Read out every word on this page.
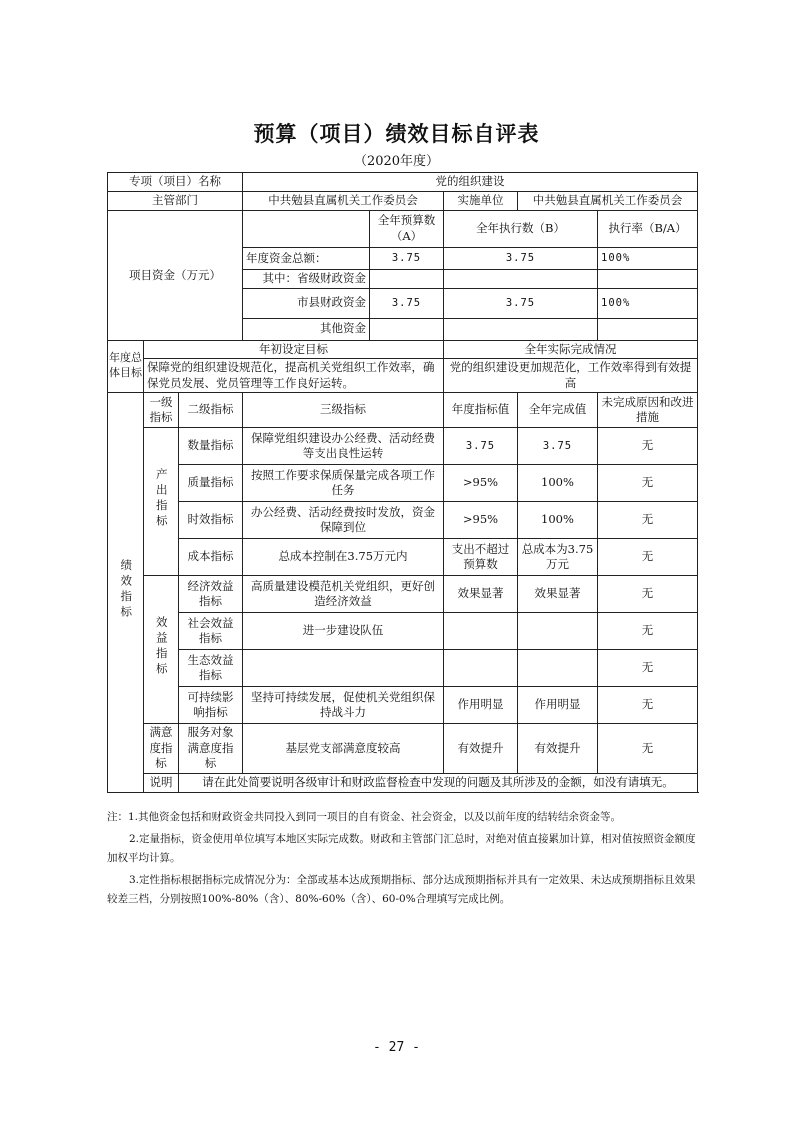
预算（项目）绩效目标自评表
（2020年度）
专项（项目）名称			党的组织建设				
主管部门			中共勉县直属机关工作委员会		实施单位	中共勉县直属机关工作委员会	
项目资金（万元）				全年预算数（A）	全年执行数（B）		执行率（B/A）
			年度资金总额：	3.75	3.75		100%
			其中：省级财政资金				
			市县财政资金	3.75	3.75		100%
			其他资金				
年度总体目标	年初设定目标				全年实际完成情况		
	保障党的组织建设规范化，提高机关党组织工作效率，确保党员发展、党员管理等工作良好运转。				党的组织建设更加规范化，工作效率得到有效提高		
绩效指标	一级指标	二级指标	三级指标		年度指标值	全年完成值	未完成原因和改进措施
	产出指标	数量指标	保障党组织建设办公经费、活动经费等支出良性运转		3.75	3.75	无
		质量指标	按照工作要求保质保量完成各项工作任务		>95%	100%	无
		时效指标	办公经费、活动经费按时发放，资金保障到位		>95%	100%	无
		成本指标	总成本控制在3.75万元内		支出不超过预算数	总成本为3.75万元	无
	效益指标	经济效益指标	高质量建设模范机关党组织，更好创造经济效益		效果显著	效果显著	无
		社会效益指标	进一步建设队伍				无
		生态效益指标					无
		可持续影响指标	坚持可持续发展，促使机关党组织保持战斗力		作用明显	作用明显	无
	满意度指标	服务对象满意度指标	基层党支部满意度较高		有效提升	有效提升	无
	说明	请在此处简要说明各级审计和财政监督检查中发现的问题及其所涉及的金额，如没有请填无。					

注：1.其他资金包括和财政资金共同投入到同一项目的自有资金、社会资金，以及以前年度的结转结余资金等。

2.定量指标，资金使用单位填写本地区实际完成数。财政和主管部门汇总时，对绝对值直接累加计算，相对值按照资金额度加权平均计算。

3.定性指标根据指标完成情况分为：全部或基本达成预期指标、部分达成预期指标并具有一定效果、未达成预期指标且效果较差三档，分别按照100%-80%（含）、80%-60%（含）、60-0%合理填写完成比例。

- 27 -
